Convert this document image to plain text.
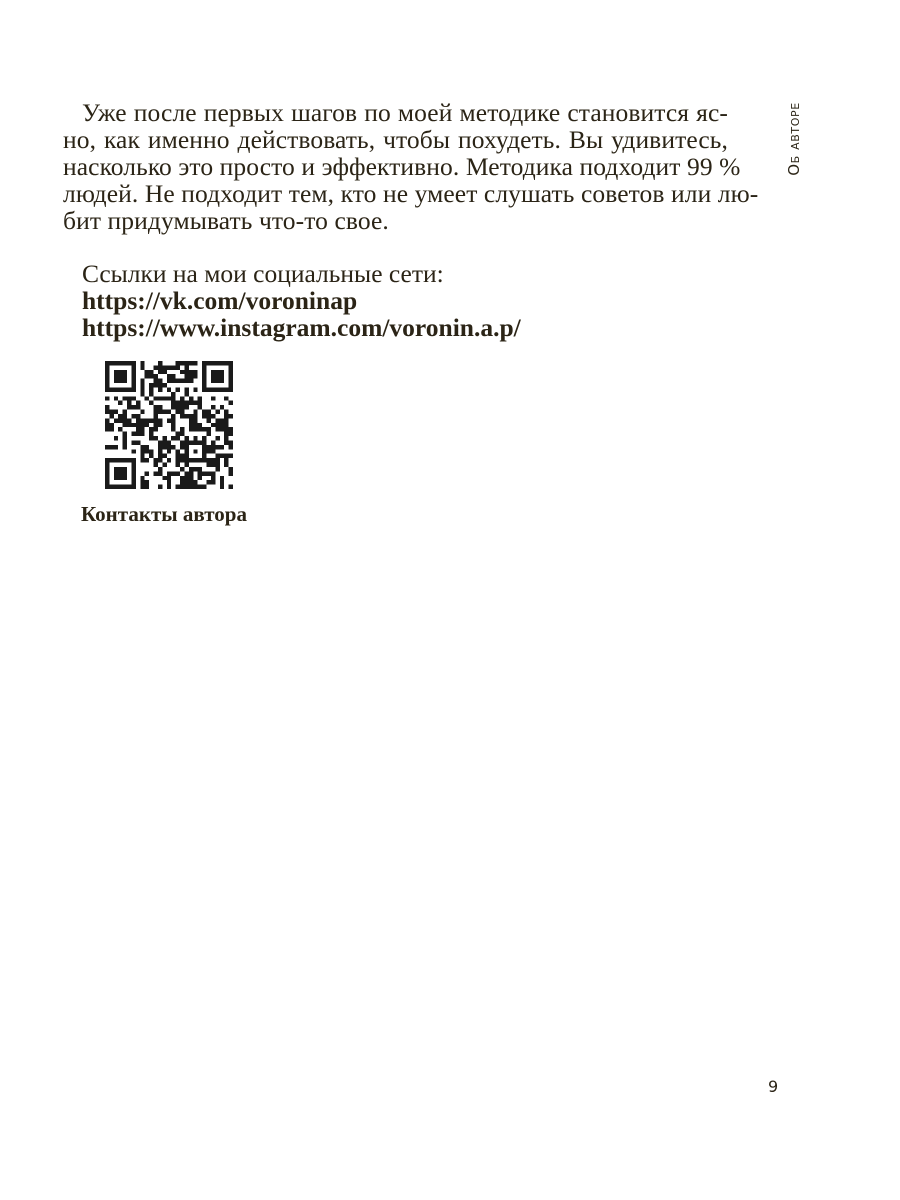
Об авторе
Уже после первых шагов по моей методике становится яс-
но, как именно действовать, чтобы похудеть. Вы удивитесь,
насколько это просто и эффективно. Методика подходит 99 %
людей. Не подходит тем, кто не умеет слушать советов или лю-
бит придумывать что-то свое.
Ссылки на мои социальные сети:
https://vk.com/voroninap
https://www.instagram.com/voronin.a.p/
Контакты автора
9
